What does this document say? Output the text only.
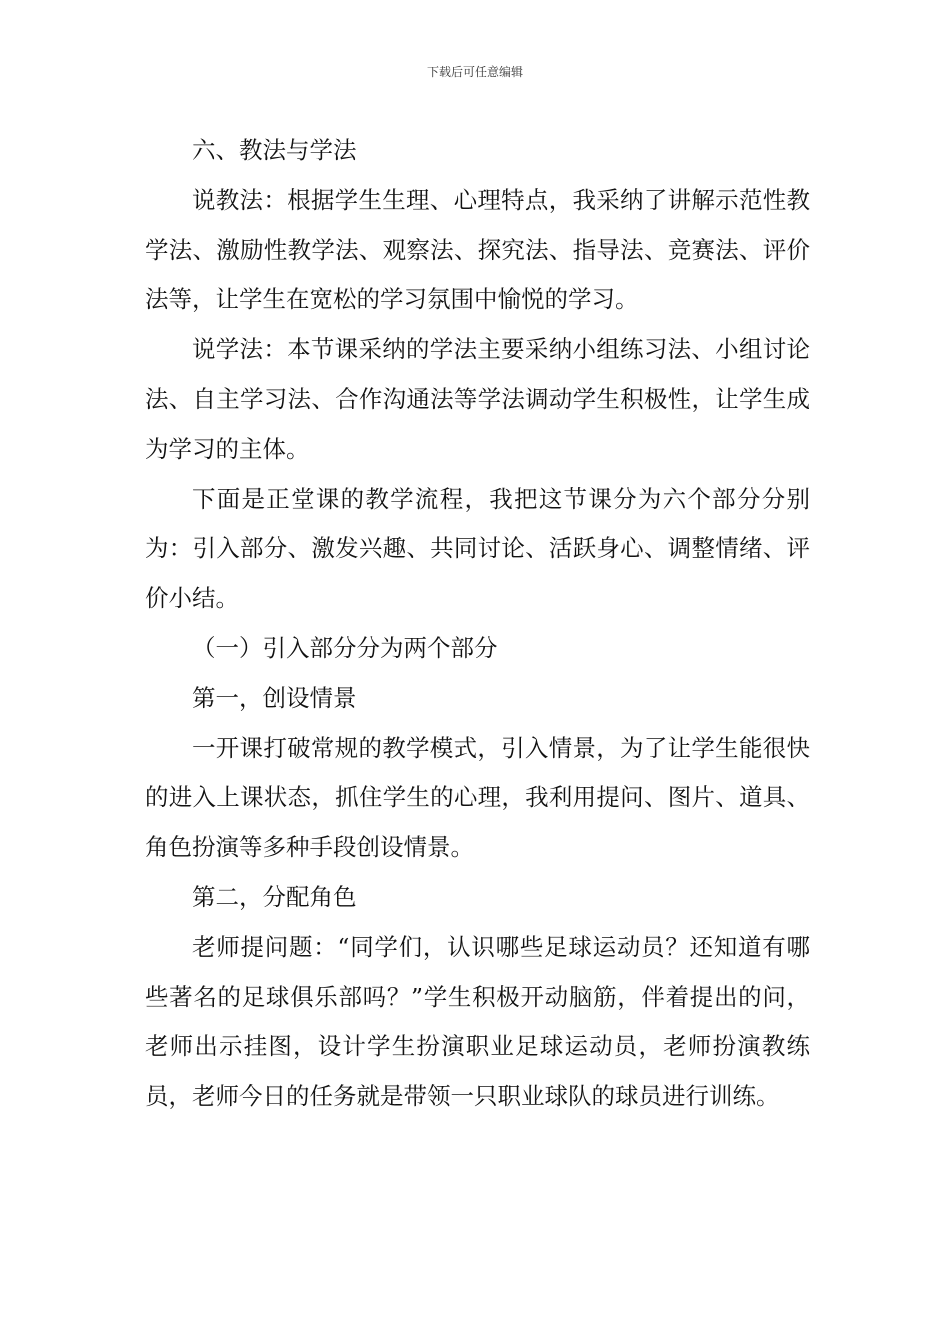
下载后可任意编辑

六、教法与学法

说教法：根据学生生理、心理特点，我采纳了讲解示范性教学法、激励性教学法、观察法、探究法、指导法、竞赛法、评价法等，让学生在宽松的学习氛围中愉悦的学习。

说学法：本节课采纳的学法主要采纳小组练习法、小组讨论法、自主学习法、合作沟通法等学法调动学生积极性，让学生成为学习的主体。

下面是正堂课的教学流程，我把这节课分为六个部分分别为：引入部分、激发兴趣、共同讨论、活跃身心、调整情绪、评价小结。

（一）引入部分分为两个部分

第一，创设情景

一开课打破常规的教学模式，引入情景，为了让学生能很快的进入上课状态，抓住学生的心理，我利用提问、图片、道具、角色扮演等多种手段创设情景。

第二，分配角色

老师提问题：“同学们，认识哪些足球运动员？还知道有哪些著名的足球俱乐部吗？”学生积极开动脑筋，伴着提出的问，老师出示挂图，设计学生扮演职业足球运动员，老师扮演教练员，老师今日的任务就是带领一只职业球队的球员进行训练。
